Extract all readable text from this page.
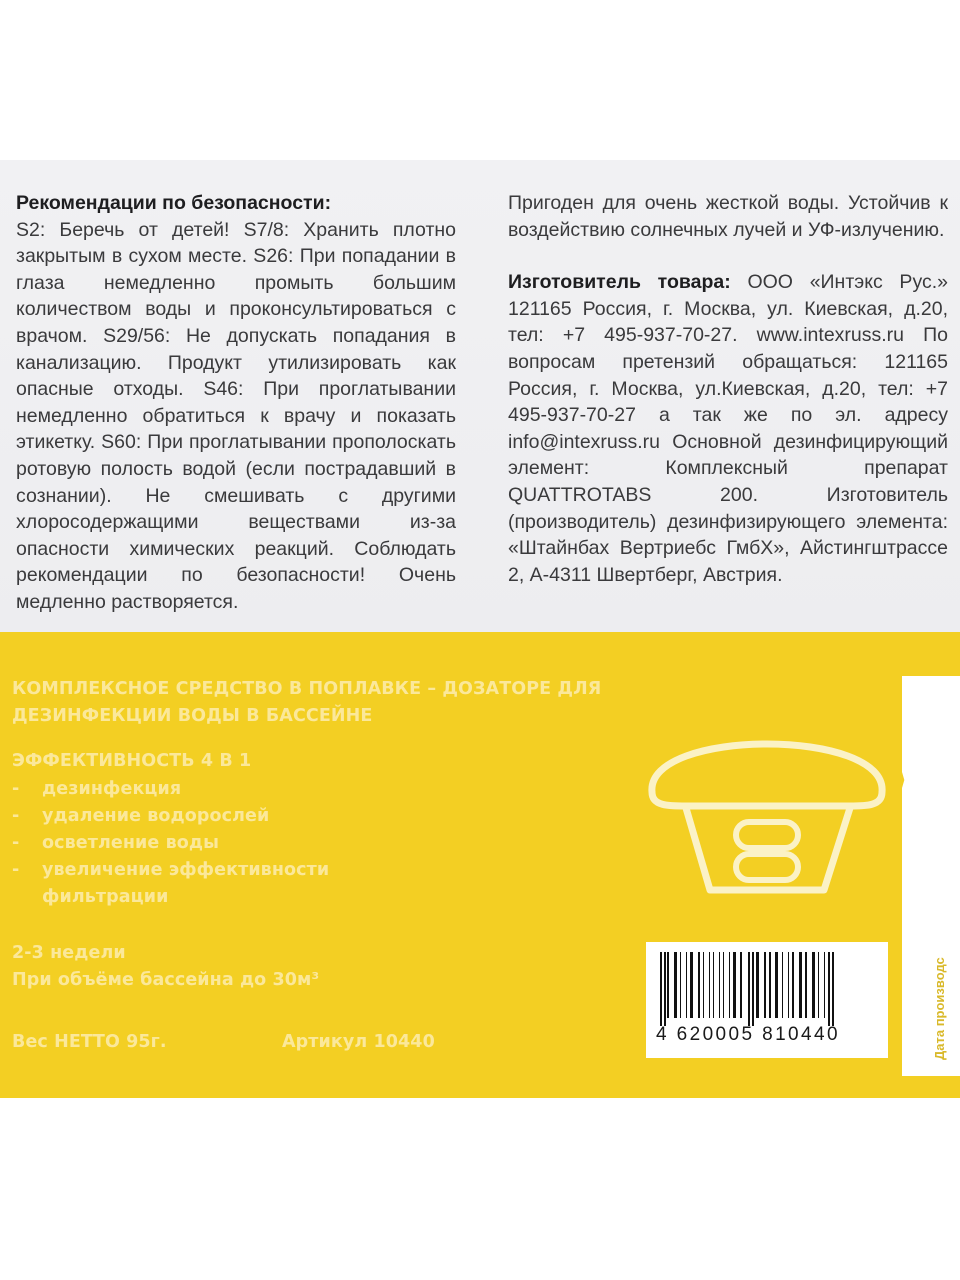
Рекомендации по безопасности:
S2: Беречь от детей! S7/8: Хранить плотно закрытым в сухом месте. S26: При попадании в глаза немедленно промыть большим количеством воды и проконсультироваться с врачом. S29/56: Не допускать попадания в канализацию. Продукт утилизировать как опасные отходы. S46: При проглатывании немедленно обратиться к врачу и показать этикетку. S60: При проглатывании прополоскать ротовую полость водой (если пострадавший в сознании). Не смешивать с другими хлоросодержащими веществами из-за опасности химических реакций. Соблюдать рекомендации по безопасности! Очень медленно растворяется.

Пригоден для очень жесткой воды. Устойчив к воздействию солнечных лучей и УФ-излучению.

Изготовитель товара: ООО «Интэкс Рус.» 121165 Россия, г. Москва, ул. Киевская, д.20, тел: +7 495-937-70-27. www.intexruss.ru По вопросам претензий обращаться: 121165 Россия, г. Москва, ул.Киевская, д.20, тел: +7 495-937-70-27 а так же по эл. адресу info@intexruss.ru Основной дезинфицирующий элемент: Комплексный препарат QUATTROTABS 200. Изготовитель (производитель) дезинфизирующего элемента: «Штайнбах Вертриебс ГмбХ», Айстингштрассе 2, A-4311 Швертберг, Австрия.

КОМПЛЕКСНОЕ СРЕДСТВО В ПОПЛАВКЕ – ДОЗАТОРЕ ДЛЯ ДЕЗИНФЕКЦИИ ВОДЫ В БАССЕЙНЕ
ЭФФЕКТИВНОСТЬ 4 В 1
-	дезинфекция
-	удаление водорослей
-	осветление воды
-	увеличение эффективности фильтрации
2-3 недели
При объёме бассейна до 30м³
Вес НЕТТО 95г.	Артикул 10440	Дата производс
4 620005 810440
